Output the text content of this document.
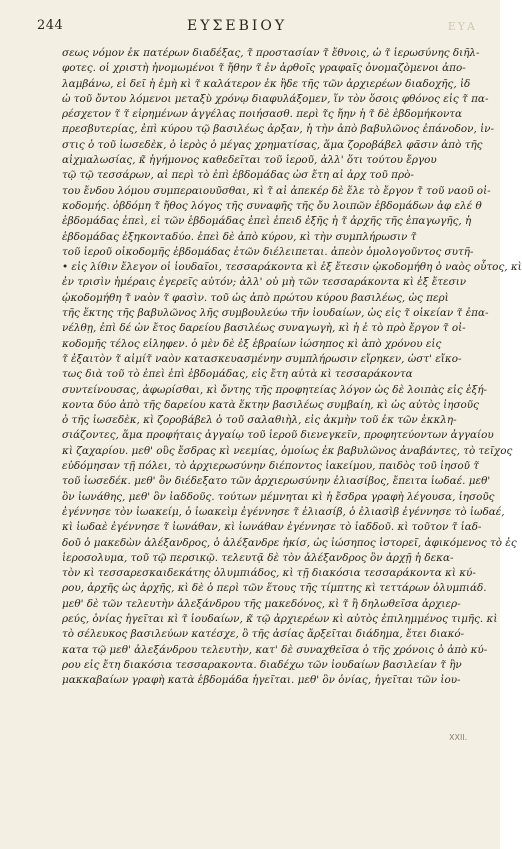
244	ΕΥΣΕΒΙΟΥ	ΕΥΑ
σεως νόμον ἐκ πατέρων διαδέξας, τ̃ προστασίαν τ̃ ἔθνοις, ὡ τ̃ ἱερωσύνης διῆλ-
φοτες. οἱ χριστὴ ἠνομωμένοι τ̃ ἤθην τ̃ ἐν ἀρθοῖς γραφαῖς ὀνομαζὸμενοι ἀπο-
λαμβάνω, εἰ δεῖ ἡ ἐμὴ κὶ τ̃ καλάτερον ἐκ ἢδε τῆς τῶν ἀρχιερέων διαδοχῆς, ἰδ
ὡ τοῦ ὄντου λόμενοι μεταξὺ χρόνῳ διαφυλάξομεν, ἵν τὸν ὅσοις φθόνος εἰς τ̃ πα-
ρέσχετον τ̃ τ̃ εἰρημένων ἀγγέλας ποιήσασθ. περὶ τ̃ς ἤην ἡ τ̃ δὲ ἑβδομήκοντα
πρεσβυτερίας, ἐπὶ κύρου τῷ βασιλέως ἀρξαν, ἡ τὴν ἀπὸ βαβυλῶνος ἐπάνοδον, ἰν-
στις ὁ τοῦ ἰωσεδὲκ, ὁ ἱερὸς ὁ μέγας χρηματίσας, ἅμα ζοροβάβελ φᾶσιν ἀπὸ τῆς
αἰχμαλωσίας, κ̃ ἡγήμονος καθεδεῖται τοῦ ἱεροῦ, ἀλλ' ὅτι τούτου ἔργου
τῷ τῷ τεσσάρων, αἱ περὶ τὸ ἐπὶ ἑβδομάδας ὡσ ἔτη αἰ ἀρχ τοῦ πρὸ-
του ἔνδου λόμου συμπεραιουῦσθαι, κὶ τ̃ αἱ ἀπεκέρ δὲ ἕλε τὸ ἔργον τ̃ τοῦ ναοῦ οἰ-
κοδομής. ὀβδόμη τ̃ ἤθος λόγος τῆς συναφῆς τῆς ὄυ λοιπῶν ἑβδομάδων ἀφ ελέ θ
ἑβδομάδας ἐπεὶ, εἰ τῶν ἑβδομάδας ἐπεὶ ἐπειδ ἐξῆς ἡ τ̃ ἀρχῆς τῆς ἐπαγωγῆς, ἡ
ἑβδομάδας ἐξηκονταδύο. ἐπεὶ δὲ ἀπὸ κύρου, κὶ τὴν συμπλήρωσιν τ̃
τοῦ ἱεροῦ οἰκοδομῆς ἑβδομάδας ἐτῶν διέλειπεται. ἀπεὸν ὁμολογοῦντος συτῆ-
• εἰς λίθιν ἔλεγον οἱ ἰουδαῖοι, τεσσαράκοντα κὶ ἐξ ἔτεσιν ᾠκοδομήθη ὁ ναὸς οὗτος, κὶ
ἐν τρισὶν ἡμέραις ἐγερεῖς αὐτόν; ἀλλ' οὐ μὴ τῶν τεσσαράκοντα κὶ ἐξ ἔτεσιν
ᾠκοδομήθη τ̃ ναὸν τ̃ φασὶν. τοῦ ὡς ἀπὸ πρώτου κύρου βασιλέως, ὡς περὶ
τῆς ἕκτης τῆς βαβυλῶνος λῆς συμβουλεύω τῆν ἰουδαίων, ὡς εἰς τ̃ οἰκείαν τ̃ ἐπα-
νέλθῃ, ἐπὶ δέ ὡν ἔτος δαρείου βασιλέως συναγωγὴ, κὶ ἡ ἐ τὸ πρὸ ἔργον τ̃ οἰ-
κοδομῆς τέλος εἰληφεν. ὁ μὲν δὲ ἐξ ἑβραίων ἰώσηπος κὶ ἀπὸ χρόνου εἰς
τ̃ ἐξαιτὸν τ̃ αἰμίτ̃ ναὸν κατασκευασμένην συμπλήρωσιν εἴρηκεν, ὡστ' εἴκο-
τως διὰ τοῦ τὸ ἐπεὶ ἐπὶ ἑβδομάδας, εἰς ἔτη αὐτὰ κὶ τεσσαράκοντα
συντείνουσας, ἀφωρίσθαι, κὶ ὄντης τῆς προφητείας λόγον ὡς δὲ λοιπὰς εἰς ἑξή-
κοντα δύο ἀπὸ τῆς δαρείου κατὰ ἕκτην βασιλέως συμβαίη, κὶ ὡς αὐτὸς ἰησοῦς
ὁ τῆς ἰωσεδὲκ, κὶ ζοροβάβελ ὁ τοῦ σαλαθιὴλ, εἰς ἀκμὴν τοῦ ἐκ τῶν ἐκκλη-
σιάζοντες, ἅμα προφήταις ἀγγαίῳ τοῦ ἱεροῦ διενεγκεῖν, προφητεύοντων ἀγγαίου
κὶ ζαχαρίου. μεθ' οὓς ἔσδρας κὶ νεεμίας, ὁμοίως ἐκ βαβυλῶνος ἀναβάντες, τὸ τεῖχος
εὐδόμησαν τῇ πόλει, τὸ ἀρχιερωσύνην διέποντος ἰακείμου, παιδὸς τοῦ ἰησοῦ τ̃
τοῦ ἰωσεδέκ. μεθ' ὃν διέδεξατο τῶν ἀρχιερωσύνην ἐλιασίβος, ἔπειτα ἰωδαέ. μεθ'
ὃν ἰωνάθης, μεθ' ὃν ἰαδδοῦς. τούτων μέμνηται κὶ ἡ ἔσδρα γραφὴ λέγουσα, ἰησοῦς
ἐγέννησε τὸν ἰωακείμ, ὁ ἰωακεὶμ ἐγέννησε τ̃ ἐλιασίβ, ὁ ἐλιασὶβ ἐγέννησε τὸ ἰωδαέ,
κὶ ἰωδαὲ ἐγέννησε τ̃ ἰωνάθαν, κὶ ἰωνάθαν ἐγέννησε τὸ ἰαδδοῦ. κὶ τοῦτον τ̃ ἰαδ-
δοῦ ὁ μακεδὼν ἀλέξανδρος, ὁ ἀλέξανδρε ἠκίσ, ὡς ἰώσηπος ἱστορεῖ, ἀφικόμενος τὸ ἐς
ἱεροσολυμα, τοῦ τῷ περσικῷ. τελευτᾷ δὲ τὸν ἀλέξανδρος ὃν ἀρχῇ ἡ δεκα-
τὸν κὶ τεσσαρεσκαιδεκάτης ὀλυμπιάδος, κὶ τῇ διακόσια τεσσαράκοντα κὶ κύ-
ρου, ἀρχῆς ὡς ἀρχῆς, κὶ δὲ ὁ περὶ τῶν ἕτους τῆς τίμπτης κὶ τεττάρων ὀλυμπιάδ.
μεθ' δὲ τῶν τελευτὴν ἀλεξάνδρου τῆς μακεδόνος, κὶ τ̃ ἢ δηλωθεῖσα ἀρχιερ-
ρεύς, ὁνίας ἡγεῖται κὶ τ̃ ἰουδαίων, κ̃ τῷ ἀρχιερέων κὶ αὐτὸς ἐπιλημμένος τιμῆς. κὶ
τὸ σέλευκος βασιλεύων κατέσχε, ὃ τῆς ἀσίας ἄρξεῖται διάδημα, ἔτει διακό-
κατα τῷ μεθ' ἀλεξάνδρου τελευτὴν, κατ' δὲ συναχθεῖσα ὁ τῆς χρόνοις ὁ ἀπὸ κύ-
ρου εἰς ἔτη διακόσια τεσσαρακοντα. διαδέχω τῶν ἰουδαίων βασιλείαν τ̃ ἢν
μακκαβαίων γραφὴ κατὰ ἑβδομάδα ἡγεῖται. μεθ' ὃν ὁνίας, ἡγεῖται τῶν ἰου-
ΧΧΙΙ.
